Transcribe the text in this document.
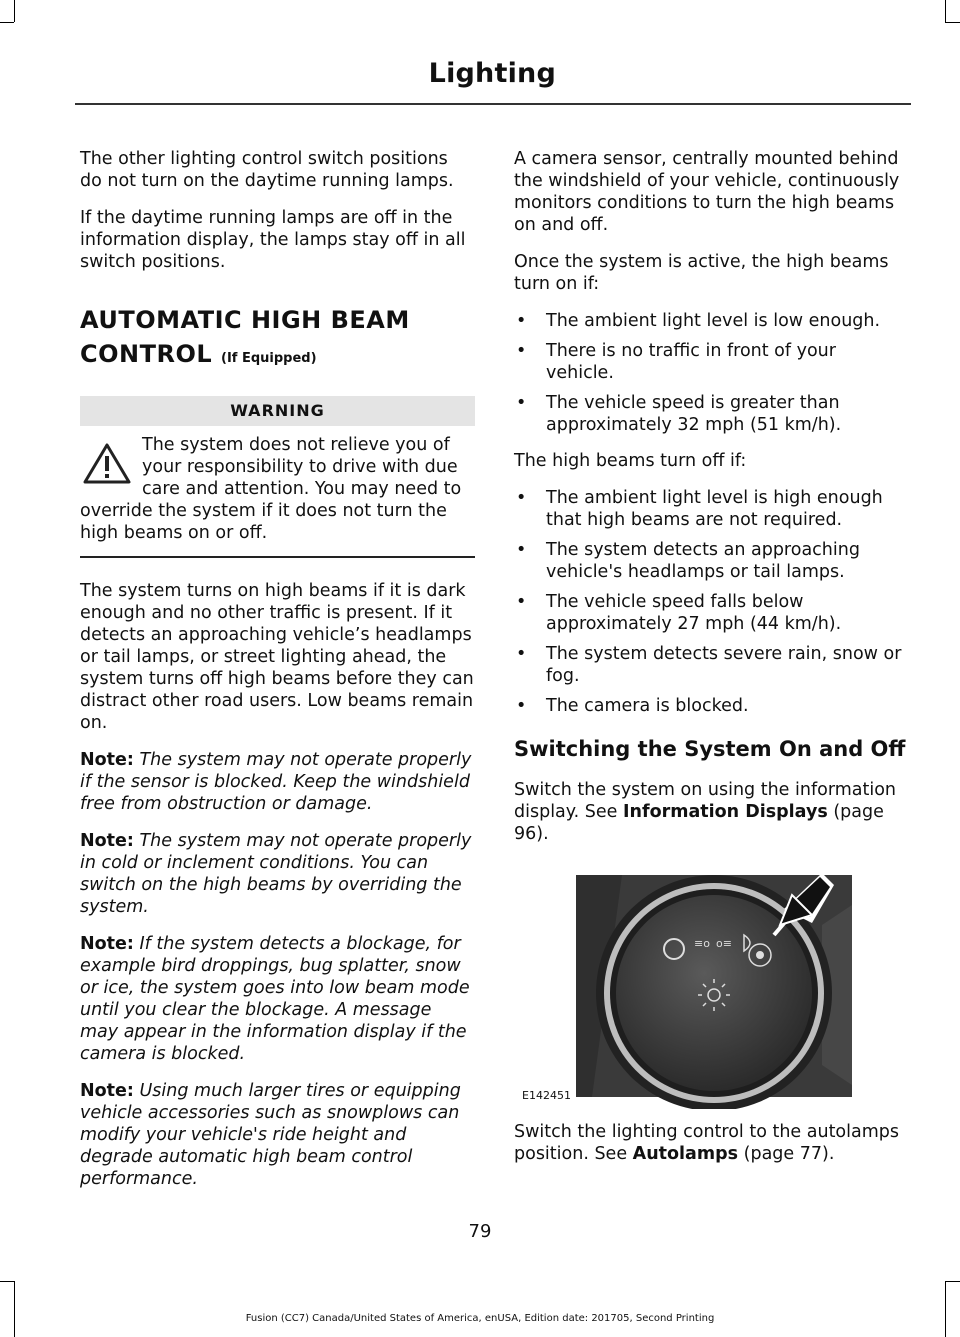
Lighting

The other lighting control switch positions do not turn on the daytime running lamps.

If the daytime running lamps are off in the information display, the lamps stay off in all switch positions.

AUTOMATIC HIGH BEAM
CONTROL (If Equipped)
WARNING
The system does not relieve you of your responsibility to drive with due care and attention. You may need to override the system if it does not turn the high beams on or off.

The system turns on high beams if it is dark enough and no other traffic is present. If it detects an approaching vehicle’s headlamps or tail lamps, or street lighting ahead, the system turns off high beams before they can distract other road users. Low beams remain on.

Note: The system may not operate properly if the sensor is blocked. Keep the windshield free from obstruction or damage.

Note: The system may not operate properly in cold or inclement conditions. You can switch on the high beams by overriding the system.

Note: If the system detects a blockage, for example bird droppings, bug splatter, snow or ice, the system goes into low beam mode until you clear the blockage. A message may appear in the information display if the camera is blocked.

Note: Using much larger tires or equipping vehicle accessories such as snowplows can modify your vehicle's ride height and degrade automatic high beam control performance.

A camera sensor, centrally mounted behind the windshield of your vehicle, continuously monitors conditions to turn the high beams on and off.

Once the system is active, the high beams turn on if:

• The ambient light level is low enough.
• There is no traffic in front of your vehicle.
• The vehicle speed is greater than approximately 32 mph (51 km/h).

The high beams turn off if:

• The ambient light level is high enough that high beams are not required.
• The system detects an approaching vehicle's headlamps or tail lamps.
• The vehicle speed falls below approximately 27 mph (44 km/h).
• The system detects severe rain, snow or fog.
• The camera is blocked.
Switching the System On and Off

Switch the system on using the information display. See Information Displays (page 96).

≡o o≡
E142451

Switch the lighting control to the autolamps position. See Autolamps (page 77).

79
Fusion (CC7) Canada/United States of America, enUSA, Edition date: 201705, Second Printing
